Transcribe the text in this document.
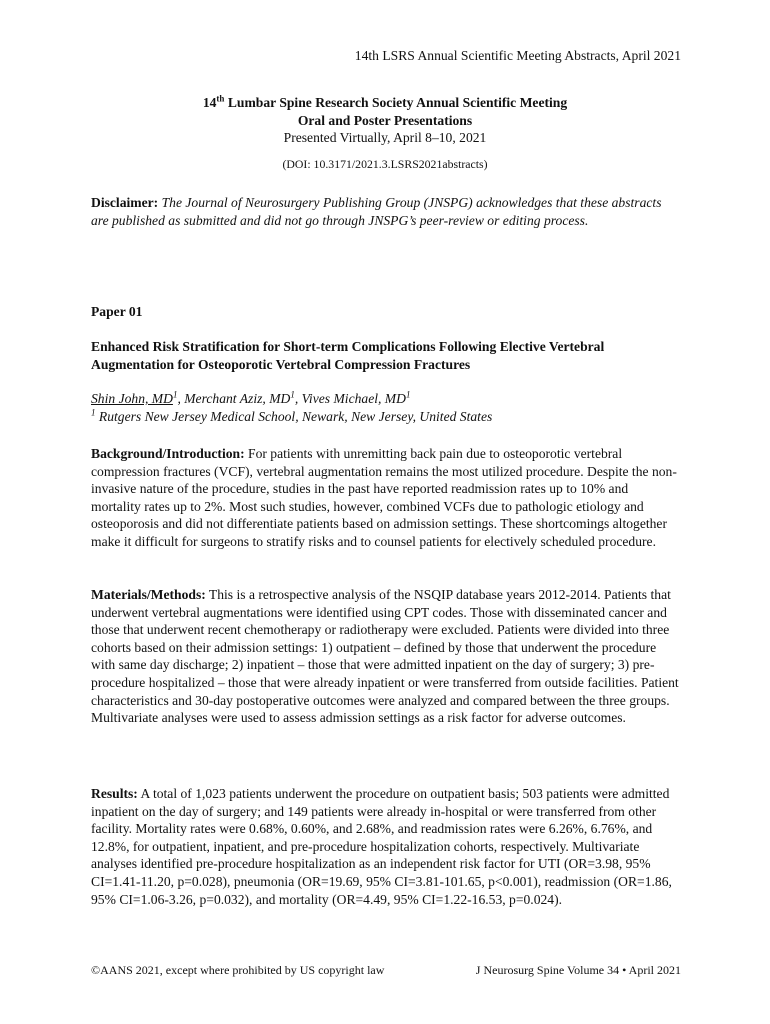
14th LSRS Annual Scientific Meeting Abstracts, April 2021
14th Lumbar Spine Research Society Annual Scientific Meeting
Oral and Poster Presentations
Presented Virtually, April 8–10, 2021
(DOI: 10.3171/2021.3.LSRS2021abstracts)
Disclaimer: The Journal of Neurosurgery Publishing Group (JNSPG) acknowledges that these abstracts are published as submitted and did not go through JNSPG’s peer-review or editing process.
Paper 01
Enhanced Risk Stratification for Short-term Complications Following Elective Vertebral Augmentation for Osteoporotic Vertebral Compression Fractures
Shin John, $MD^1$, Merchant Aziz, $MD^1$, Vives Michael, $MD^1$
$^1$ Rutgers New Jersey Medical School, Newark, New Jersey, United States
Background/Introduction: For patients with unremitting back pain due to osteoporotic vertebral compression fractures (VCF), vertebral augmentation remains the most utilized procedure. Despite the non-invasive nature of the procedure, studies in the past have reported readmission rates up to 10% and mortality rates up to 2%. Most such studies, however, combined VCFs due to pathologic etiology and osteoporosis and did not differentiate patients based on admission settings. These shortcomings altogether make it difficult for surgeons to stratify risks and to counsel patients for electively scheduled procedure.
Materials/Methods: This is a retrospective analysis of the NSQIP database years 2012-2014. Patients that underwent vertebral augmentations were identified using CPT codes. Those with disseminated cancer and those that underwent recent chemotherapy or radiotherapy were excluded. Patients were divided into three cohorts based on their admission settings: 1) outpatient – defined by those that underwent the procedure with same day discharge; 2) inpatient – those that were admitted inpatient on the day of surgery; 3) pre-procedure hospitalized – those that were already inpatient or were transferred from outside facilities. Patient characteristics and 30-day postoperative outcomes were analyzed and compared between the three groups. Multivariate analyses were used to assess admission settings as a risk factor for adverse outcomes.
Results: A total of 1,023 patients underwent the procedure on outpatient basis; 503 patients were admitted inpatient on the day of surgery; and 149 patients were already in-hospital or were transferred from other facility. Mortality rates were 0.68%, 0.60%, and 2.68%, and readmission rates were 6.26%, 6.76%, and 12.8%, for outpatient, inpatient, and pre-procedure hospitalization cohorts, respectively. Multivariate analyses identified pre-procedure hospitalization as an independent risk factor for UTI (OR=3.98, 95% CI=1.41-11.20, p=0.028), pneumonia (OR=19.69, 95% CI=3.81-101.65, p<0.001), readmission (OR=1.86, 95% CI=1.06-3.26, p=0.032), and mortality (OR=4.49, 95% CI=1.22-16.53, p=0.024).
©AANS 2021, except where prohibited by US copyright law	J Neurosurg Spine Volume 34 • April 2021
